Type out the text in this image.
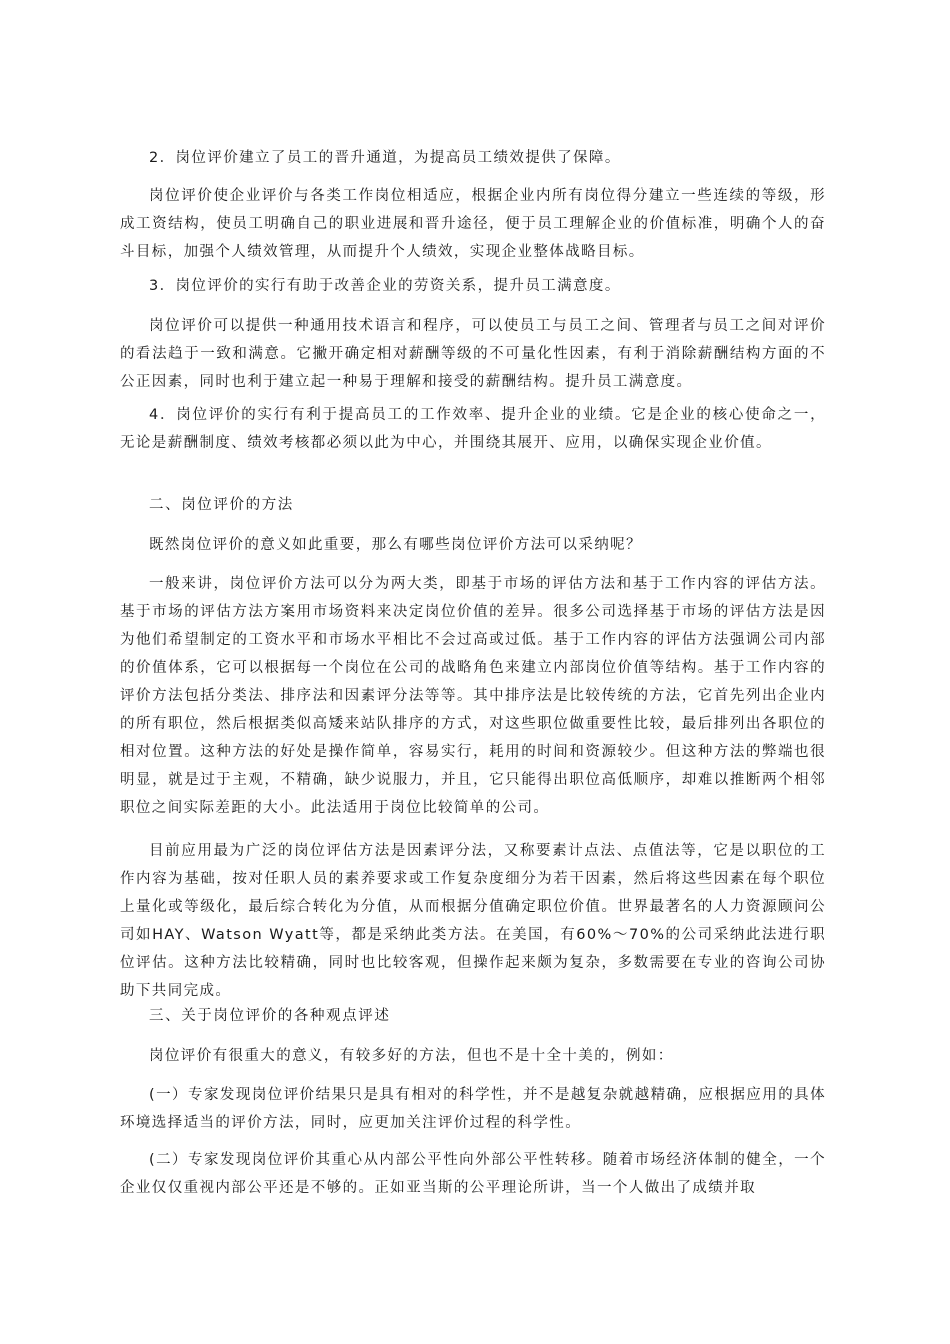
2．岗位评价建立了员工的晋升通道，为提高员工绩效提供了保障。

岗位评价使企业评价与各类工作岗位相适应，根据企业内所有岗位得分建立一些连续的等级，形成工资结构，使员工明确自己的职业进展和晋升途径，便于员工理解企业的价值标准，明确个人的奋斗目标，加强个人绩效管理，从而提升个人绩效，实现企业整体战略目标。

3．岗位评价的实行有助于改善企业的劳资关系，提升员工满意度。

岗位评价可以提供一种通用技术语言和程序，可以使员工与员工之间、管理者与员工之间对评价的看法趋于一致和满意。它撇开确定相对薪酬等级的不可量化性因素，有利于消除薪酬结构方面的不公正因素，同时也利于建立起一种易于理解和接受的薪酬结构。提升员工满意度。

4．岗位评价的实行有利于提高员工的工作效率、提升企业的业绩。它是企业的核心使命之一，无论是薪酬制度、绩效考核都必须以此为中心，并围绕其展开、应用，以确保实现企业价值。

二、岗位评价的方法

既然岗位评价的意义如此重要，那么有哪些岗位评价方法可以采纳呢？

一般来讲，岗位评价方法可以分为两大类，即基于市场的评估方法和基于工作内容的评估方法。基于市场的评估方法方案用市场资料来决定岗位价值的差异。很多公司选择基于市场的评估方法是因为他们希望制定的工资水平和市场水平相比不会过高或过低。基于工作内容的评估方法强调公司内部的价值体系，它可以根据每一个岗位在公司的战略角色来建立内部岗位价值等结构。基于工作内容的评价方法包括分类法、排序法和因素评分法等等。其中排序法是比较传统的方法，它首先列出企业内的所有职位，然后根据类似高矮来站队排序的方式，对这些职位做重要性比较，最后排列出各职位的相对位置。这种方法的好处是操作简单，容易实行，耗用的时间和资源较少。但这种方法的弊端也很明显，就是过于主观，不精确，缺少说服力，并且，它只能得出职位高低顺序，却难以推断两个相邻职位之间实际差距的大小。此法适用于岗位比较简单的公司。

目前应用最为广泛的岗位评估方法是因素评分法，又称要素计点法、点值法等，它是以职位的工作内容为基础，按对任职人员的素养要求或工作复杂度细分为若干因素，然后将这些因素在每个职位上量化或等级化，最后综合转化为分值，从而根据分值确定职位价值。世界最著名的人力资源顾问公司如HAY、Watson Wyatt等，都是采纳此类方法。在美国，有60%～70%的公司采纳此法进行职位评估。这种方法比较精确，同时也比较客观，但操作起来颇为复杂，多数需要在专业的咨询公司协助下共同完成。

三、关于岗位评价的各种观点评述

岗位评价有很重大的意义，有较多好的方法，但也不是十全十美的，例如：

(一）专家发现岗位评价结果只是具有相对的科学性，并不是越复杂就越精确，应根据应用的具体环境选择适当的评价方法，同时，应更加关注评价过程的科学性。

(二）专家发现岗位评价其重心从内部公平性向外部公平性转移。随着市场经济体制的健全，一个企业仅仅重视内部公平还是不够的。正如亚当斯的公平理论所讲，当一个人做出了成绩并取
